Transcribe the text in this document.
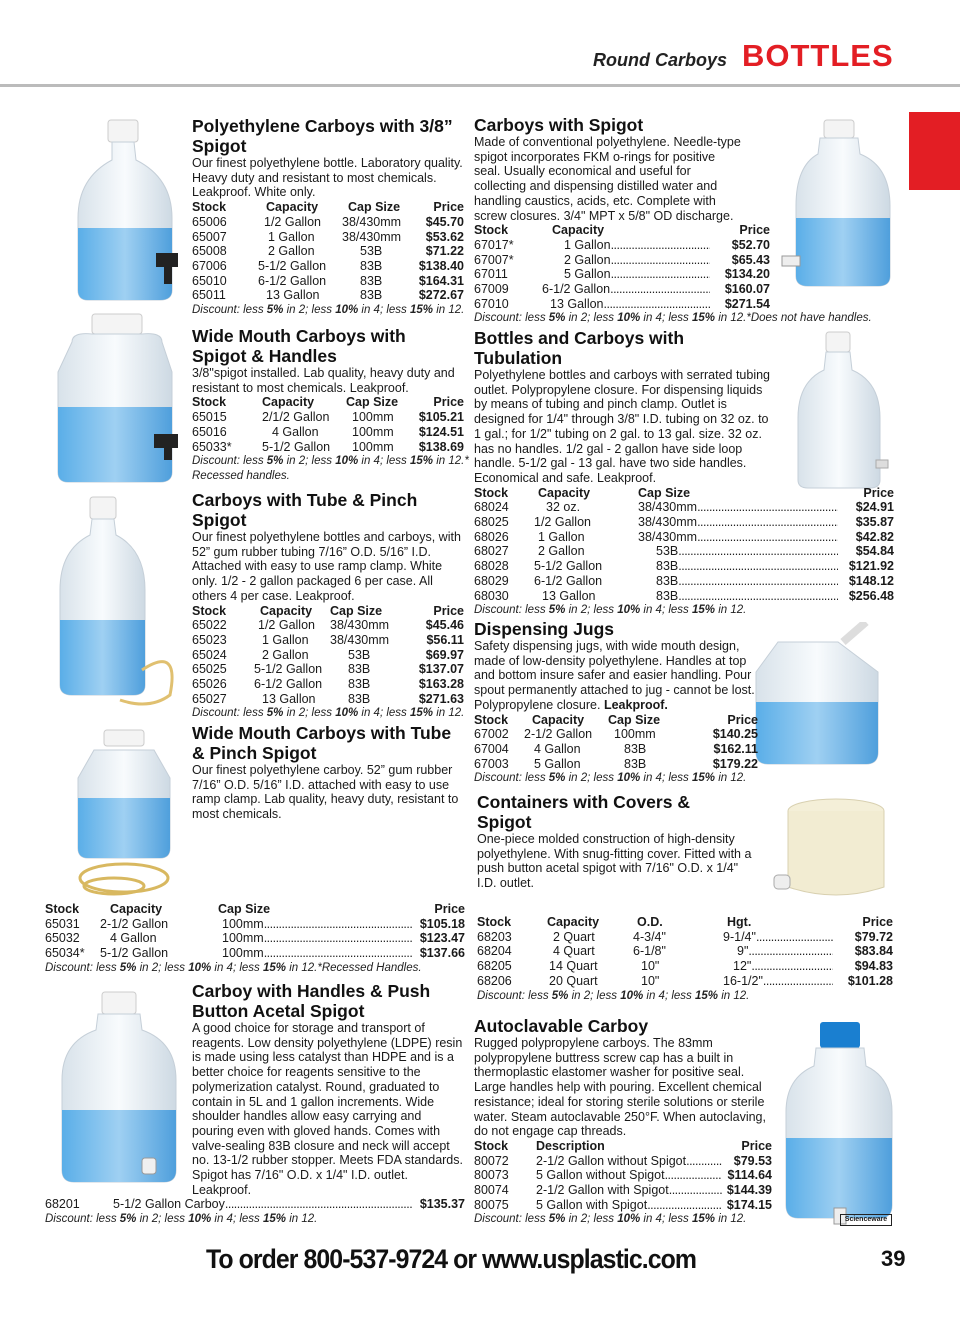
Round Carboys BOTTLES
Scienceware
Polyethylene Carboys with 3/8” Spigot

Our finest polyethylene bottle. Laboratory quality. Heavy duty and resistant to most chemicals. Leakproof. White only.

Stock	Capacity	Cap Size	Price
65006	1/2 Gallon	38/430mm	$45.70
65007	1 Gallon	38/430mm	$53.62
65008	2 Gallon	53B	$71.22
67006	5-1/2 Gallon	83B	$138.40
65010	6-1/2 Gallon	83B	$164.31
65011	13 Gallon	83B	$272.67
Discount: less 5% in 2; less 10% in 4; less 15% in 12.
Wide Mouth Carboys with Spigot & Handles

3/8"spigot installed. Lab quality, heavy duty and resistant to most chemicals. Leakproof.

Stock	Capacity	Cap Size	Price
65015	2/1/2 Gallon	100mm	$105.21
65016	4 Gallon	100mm	$124.51
65033*	5-1/2 Gallon	100mm	$138.69
Discount: less 5% in 2; less 10% in 4; less 15% in 12.*
Recessed handles.
Carboys with Tube & Pinch Spigot

Our finest polyethylene bottles and carboys, with 52” gum rubber tubing 7/16” O.D. 5/16” I.D. Attached with easy to use ramp clamp. White only. 1/2 - 2 gallon packaged 6 per case. All others 4 per case. Leakproof.

Stock	Capacity	Cap Size	Price
65022	1/2 Gallon	38/430mm	$45.46
65023	1 Gallon	38/430mm	$56.11
65024	2 Gallon	53B	$69.97
65025	5-1/2 Gallon	83B	$137.07
65026	6-1/2 Gallon	83B	$163.28
65027	13 Gallon	83B	$271.63
Discount: less 5% in 2; less 10% in 4; less 15% in 12.
Wide Mouth Carboys with Tube & Pinch Spigot

Our finest polyethylene carboy. 52” gum rubber 7/16” O.D. 5/16” I.D. attached with easy to use ramp clamp. Lab quality, heavy duty, resistant to most chemicals.

Stock	Capacity	Cap Size	Price
65031	2-1/2 Gallon	100mm .....	$105.18
65032	4 Gallon	100mm .....	$123.47
65034*	5-1/2 Gallon	100mm .....	$137.66
Discount: less 5% in 2; less 10% in 4; less 15% in 12.*Recessed Handles.
Carboy with Handles & Push Button Acetal Spigot

A good choice for storage and transport of reagents. Low density polyethylene (LDPE) resin is made using less catalyst than HDPE and is a better choice for reagents sensitive to the polymerization catalyst. Round, graduated to contain in 5L and 1 gallon increments. Wide shoulder handles allow easy carrying and pouring even with gloved hands. Comes with valve-sealing 83B closure and neck will accept no. 13-1/2 rubber stopper. Meets FDA standards. Spigot has 7/16" O.D. x 1/4" I.D. outlet. Leakproof.

68201	5-1/2 Gallon Carboy .....	$135.37
Discount: less 5% in 2; less 10% in 4; less 15% in 12.
Carboys with Spigot

Made of conventional polyethylene. Needle-type spigot incorporates FKM o-rings for positive seal. Usually economical and useful for collecting and dispensing distilled water and handling caustics, acids, etc. Complete with screw closures. 3/4" MPT x 5/8" OD discharge.

Stock	Capacity	Price
67017*	1 Gallon .....	$52.70
67007*	2 Gallon .....	$65.43
67011	5 Gallon .....	$134.20
67009	6-1/2 Gallon .....	$160.07
67010	13 Gallon .....	$271.54
Discount: less 5% in 2; less 10% in 4; less 15% in 12.*Does not have handles.
Bottles and Carboys with Tubulation

Polyethylene bottles and carboys with serrated tubing outlet. Polypropylene closure. For dispensing liquids by means of tubing and pinch clamp. Outlet is designed for 1/4" through 3/8" I.D. tubing on 32 oz. to 1 gal.; for 1/2" tubing on 2 gal. to 13 gal. size. 32 oz. has no handles. 1/2 gal - 2 gallon have side loop handle. 5-1/2 gal - 13 gal. have two side handles. Economical and safe. Leakproof.

Stock	Capacity	Cap Size	Price
68024	32 oz.	38/430mm .....	$24.91
68025	1/2 Gallon	38/430mm .....	$35.87
68026	1 Gallon	38/430mm .....	$42.82
68027	2 Gallon	53B .....	$54.84
68028	5-1/2 Gallon	83B .....	$121.92
68029	6-1/2 Gallon	83B .....	$148.12
68030	13 Gallon	83B .....	$256.48
Discount: less 5% in 2; less 10% in 4; less 15% in 12.
Dispensing Jugs

Safety dispensing jugs, with wide mouth design, made of low-density polyethylene. Handles at top and bottom insure safer and easier handling. Pour spout permanently attached to jug - cannot be lost. Polypropylene closure. Leakproof.

Stock	Capacity	Cap Size	Price
67002	2-1/2 Gallon	100mm	$140.25
67004	4 Gallon	83B	$162.11
67003	5 Gallon	83B	$179.22
Discount: less 5% in 2; less 10% in 4; less 15% in 12.
Containers with Covers & Spigot

One-piece molded construction of high-density polyethylene. With snug-fitting cover. Fitted with a push button acetal spigot with 7/16" O.D. x 1/4" I.D. outlet.

Stock	Capacity	O.D.	Hgt.	Price
68203	2 Quart	4-3/4"	9-1/4" .....	$79.72
68204	4 Quart	6-1/8"	9" .....	$83.84
68205	14 Quart	10"	12" .....	$94.83
68206	20 Quart	10"	16-1/2" .....	$101.28
Discount: less 5% in 2; less 10% in 4; less 15% in 12.
Autoclavable Carboy

Rugged polypropylene carboys. The 83mm polypropylene buttress screw cap has a built in thermoplastic elastomer washer for positive seal. Large handles help with pouring. Excellent chemical resistance; ideal for storing sterile solutions or sterile water. Steam autoclavable 250°F. When autoclaving, do not engage cap threads.

Stock	Description	Price
80072	2-1/2 Gallon without Spigot .....	$79.53
80073	5 Gallon without Spigot .....	$114.64
80074	2-1/2 Gallon with Spigot .....	$144.39
80075	5 Gallon with Spigot .....	$174.15
Discount: less 5% in 2; less 10% in 4; less 15% in 12.
To order 800-537-9724 or www.usplastic.com	39
